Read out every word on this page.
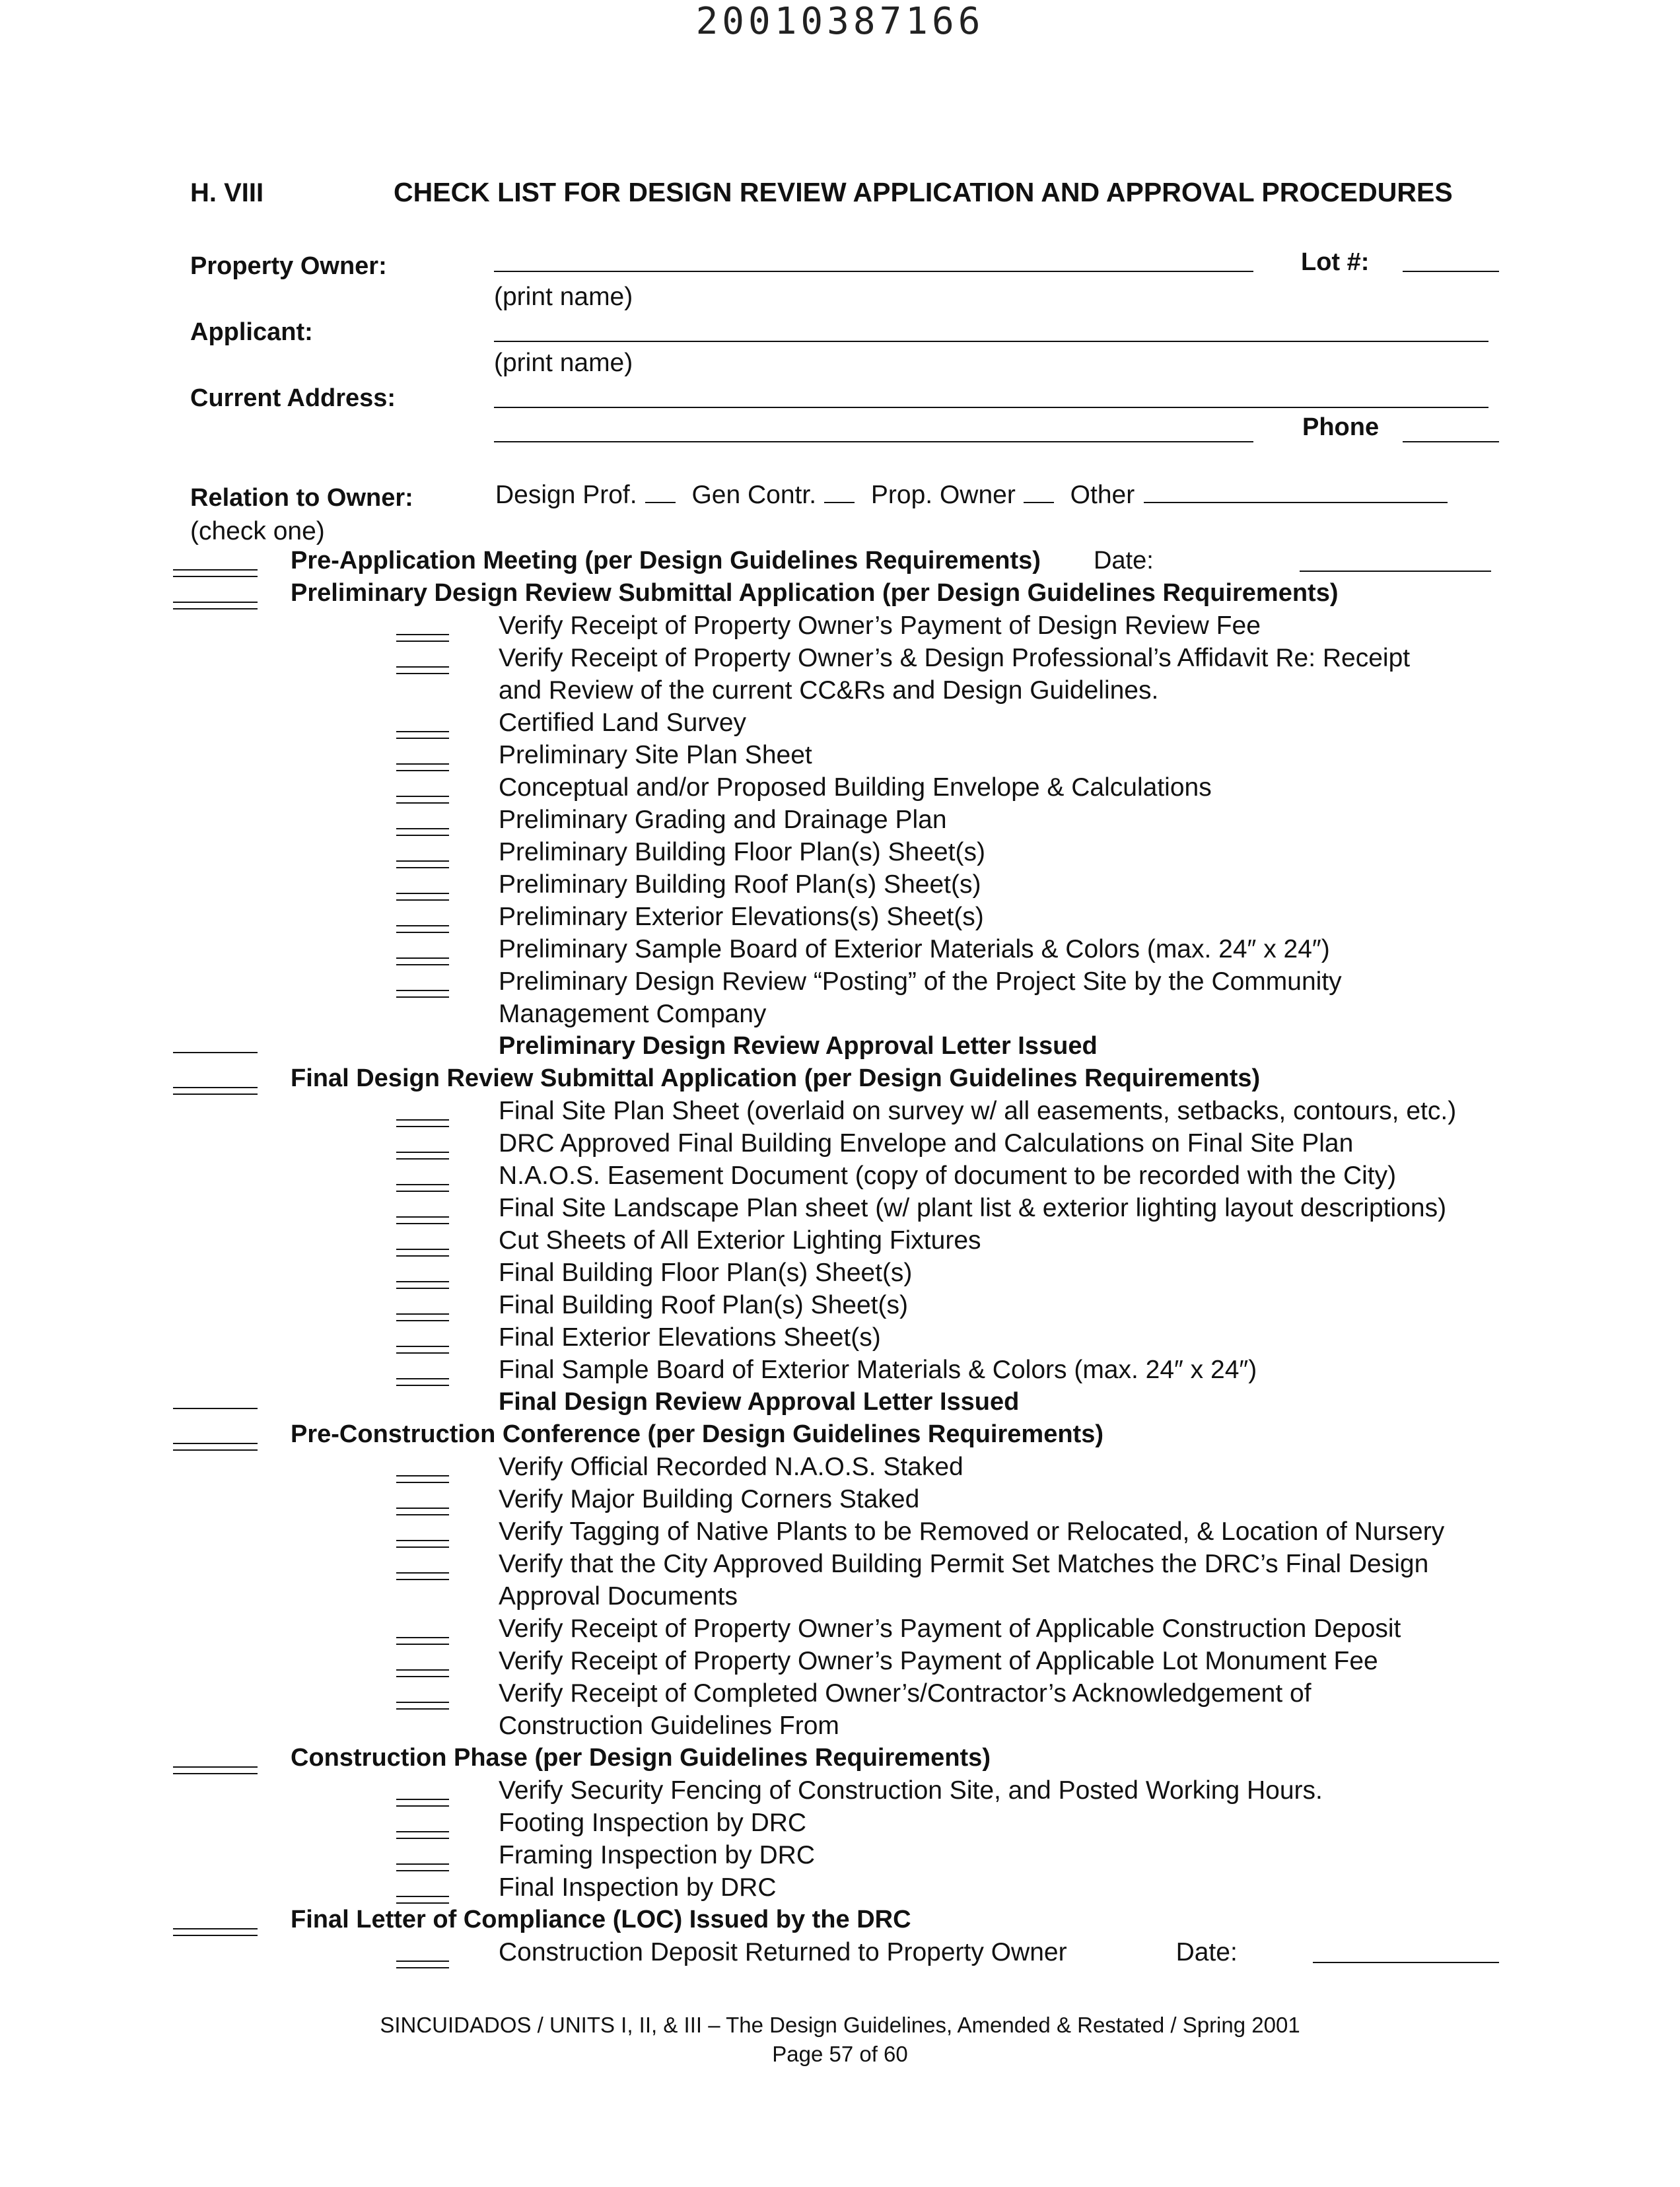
20010387166
H. VIII	CHECK LIST FOR DESIGN REVIEW APPLICATION AND APPROVAL PROCEDURES
Property Owner:
(print name)
Lot #:
Applicant:
(print name)
Current Address:
Phone
Relation to Owner:
(check one)
Design Prof. Gen Contr. Prop. Owner Other
Pre-Application Meeting (per Design Guidelines Requirements) Date:
Preliminary Design Review Submittal Application (per Design Guidelines Requirements)
Verify Receipt of Property Owner’s Payment of Design Review Fee
Verify Receipt of Property Owner’s & Design Professional’s Affidavit Re: Receipt
and Review of the current CC&Rs and Design Guidelines.
Certified Land Survey
Preliminary Site Plan Sheet
Conceptual and/or Proposed Building Envelope & Calculations
Preliminary Grading and Drainage Plan
Preliminary Building Floor Plan(s) Sheet(s)
Preliminary Building Roof Plan(s) Sheet(s)
Preliminary Exterior Elevations(s) Sheet(s)
Preliminary Sample Board of Exterior Materials & Colors (max. 24″ x 24″)
Preliminary Design Review “Posting” of the Project Site by the Community
Management Company
Preliminary Design Review Approval Letter Issued
Final Design Review Submittal Application (per Design Guidelines Requirements)
Final Site Plan Sheet (overlaid on survey w/ all easements, setbacks, contours, etc.)
DRC Approved Final Building Envelope and Calculations on Final Site Plan
N.A.O.S. Easement Document (copy of document to be recorded with the City)
Final Site Landscape Plan sheet (w/ plant list & exterior lighting layout descriptions)
Cut Sheets of All Exterior Lighting Fixtures
Final Building Floor Plan(s) Sheet(s)
Final Building Roof Plan(s) Sheet(s)
Final Exterior Elevations Sheet(s)
Final Sample Board of Exterior Materials & Colors (max. 24″ x 24″)
Final Design Review Approval Letter Issued
Pre-Construction Conference (per Design Guidelines Requirements)
Verify Official Recorded N.A.O.S. Staked
Verify Major Building Corners Staked
Verify Tagging of Native Plants to be Removed or Relocated, & Location of Nursery
Verify that the City Approved Building Permit Set Matches the DRC’s Final Design
Approval Documents
Verify Receipt of Property Owner’s Payment of Applicable Construction Deposit
Verify Receipt of Property Owner’s Payment of Applicable Lot Monument Fee
Verify Receipt of Completed Owner’s/Contractor’s Acknowledgement of
Construction Guidelines From
Construction Phase (per Design Guidelines Requirements)
Verify Security Fencing of Construction Site, and Posted Working Hours.
Footing Inspection by DRC
Framing Inspection by DRC
Final Inspection by DRC
Final Letter of Compliance (LOC) Issued by the DRC
Construction Deposit Returned to Property Owner	Date:
SINCUIDADOS / UNITS I, II, & III – The Design Guidelines, Amended & Restated / Spring 2001
Page 57 of 60
